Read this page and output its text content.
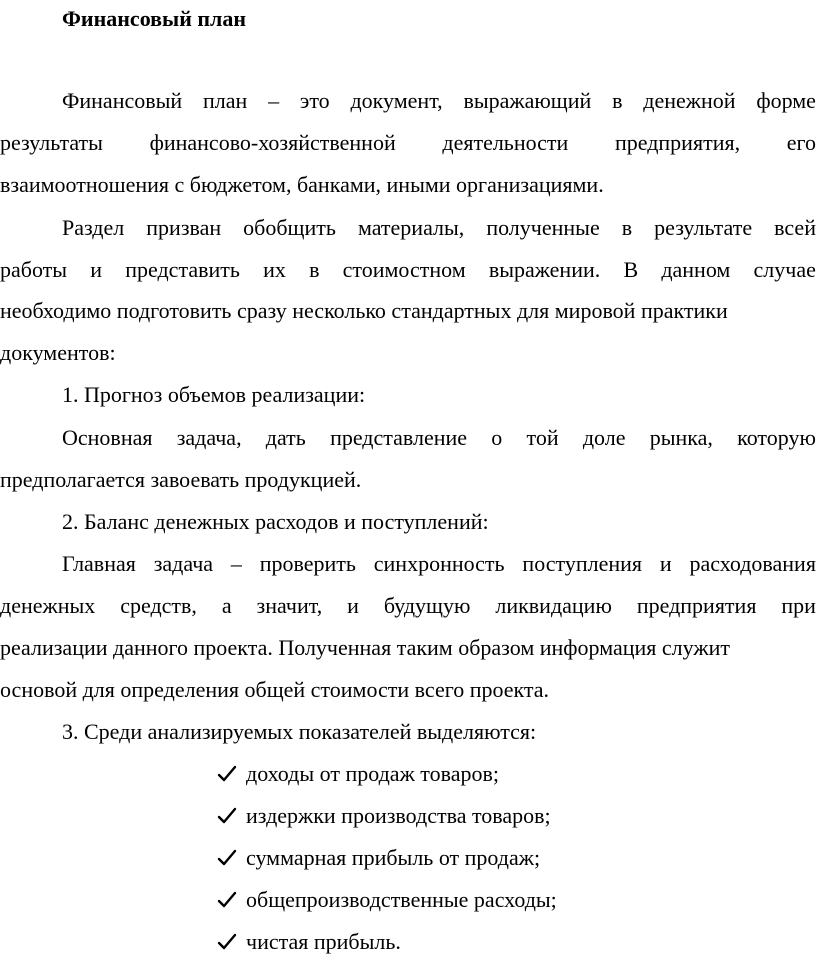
Финансовый план
Финансовый план – это документ, выражающий в денежной форме
результаты финансово-хозяйственной деятельности предприятия, его
взаимоотношения с бюджетом, банками, иными организациями.
Раздел призван обобщить материалы, полученные в результате всей
работы и представить их в стоимостном выражении. В данном случае
необходимо подготовить сразу несколько стандартных для мировой практики
документов:
1. Прогноз объемов реализации:
Основная задача, дать представление о той доле рынка, которую
предполагается завоевать продукцией.
2. Баланс денежных расходов и поступлений:
Главная задача – проверить синхронность поступления и расходования
денежных средств, а значит, и будущую ликвидацию предприятия при
реализации данного проекта. Полученная таким образом информация служит
основой для определения общей стоимости всего проекта.
3. Среди анализируемых показателей выделяются:
доходы от продаж товаров;
издержки производства товаров;
суммарная прибыль от продаж;
общепроизводственные расходы;
чистая прибыль.
